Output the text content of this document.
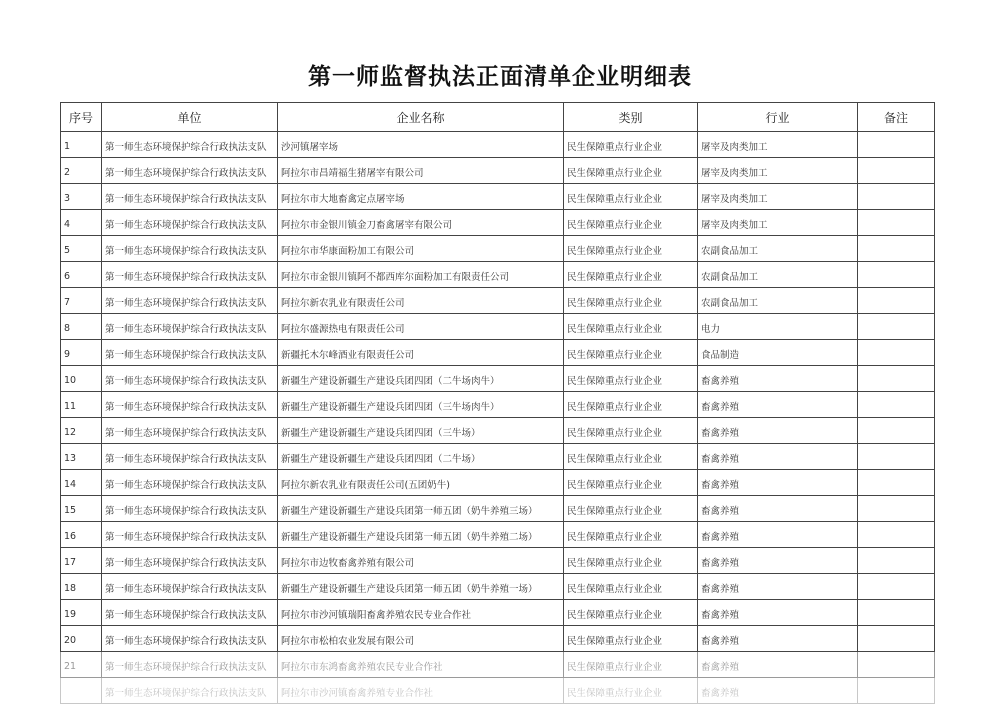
第一师监督执法正面清单企业明细表
序号	单位	企业名称	类别	行业	备注
1	第一师生态环境保护综合行政执法支队	沙河镇屠宰场	民生保障重点行业企业	屠宰及肉类加工	
2	第一师生态环境保护综合行政执法支队	阿拉尔市昌靖福生猪屠宰有限公司	民生保障重点行业企业	屠宰及肉类加工	
3	第一师生态环境保护综合行政执法支队	阿拉尔市大地畜禽定点屠宰场	民生保障重点行业企业	屠宰及肉类加工	
4	第一师生态环境保护综合行政执法支队	阿拉尔市金银川镇金刀畜禽屠宰有限公司	民生保障重点行业企业	屠宰及肉类加工	
5	第一师生态环境保护综合行政执法支队	阿拉尔市华康面粉加工有限公司	民生保障重点行业企业	农副食品加工	
6	第一师生态环境保护综合行政执法支队	阿拉尔市金银川镇阿不都西库尔面粉加工有限责任公司	民生保障重点行业企业	农副食品加工	
7	第一师生态环境保护综合行政执法支队	阿拉尔新农乳业有限责任公司	民生保障重点行业企业	农副食品加工	
8	第一师生态环境保护综合行政执法支队	阿拉尔盛源热电有限责任公司	民生保障重点行业企业	电力	
9	第一师生态环境保护综合行政执法支队	新疆托木尔峰酒业有限责任公司	民生保障重点行业企业	食品制造	
10	第一师生态环境保护综合行政执法支队	新疆生产建设新疆生产建设兵团四团（二牛场肉牛）	民生保障重点行业企业	畜禽养殖	
11	第一师生态环境保护综合行政执法支队	新疆生产建设新疆生产建设兵团四团（三牛场肉牛）	民生保障重点行业企业	畜禽养殖	
12	第一师生态环境保护综合行政执法支队	新疆生产建设新疆生产建设兵团四团（三牛场）	民生保障重点行业企业	畜禽养殖	
13	第一师生态环境保护综合行政执法支队	新疆生产建设新疆生产建设兵团四团（二牛场）	民生保障重点行业企业	畜禽养殖	
14	第一师生态环境保护综合行政执法支队	阿拉尔新农乳业有限责任公司(五团奶牛)	民生保障重点行业企业	畜禽养殖	
15	第一师生态环境保护综合行政执法支队	新疆生产建设新疆生产建设兵团第一师五团（奶牛养殖三场）	民生保障重点行业企业	畜禽养殖	
16	第一师生态环境保护综合行政执法支队	新疆生产建设新疆生产建设兵团第一师五团（奶牛养殖二场）	民生保障重点行业企业	畜禽养殖	
17	第一师生态环境保护综合行政执法支队	阿拉尔市边牧畜禽养殖有限公司	民生保障重点行业企业	畜禽养殖	
18	第一师生态环境保护综合行政执法支队	新疆生产建设新疆生产建设兵团第一师五团（奶牛养殖一场）	民生保障重点行业企业	畜禽养殖	
19	第一师生态环境保护综合行政执法支队	阿拉尔市沙河镇瑞阳畜禽养殖农民专业合作社	民生保障重点行业企业	畜禽养殖	
20	第一师生态环境保护综合行政执法支队	阿拉尔市松柏农业发展有限公司	民生保障重点行业企业	畜禽养殖	
21	第一师生态环境保护综合行政执法支队	阿拉尔市东鸿畜禽养殖农民专业合作社	民生保障重点行业企业	畜禽养殖	
	第一师生态环境保护综合行政执法支队	阿拉尔市沙河镇畜禽养殖专业合作社	民生保障重点行业企业	畜禽养殖	
